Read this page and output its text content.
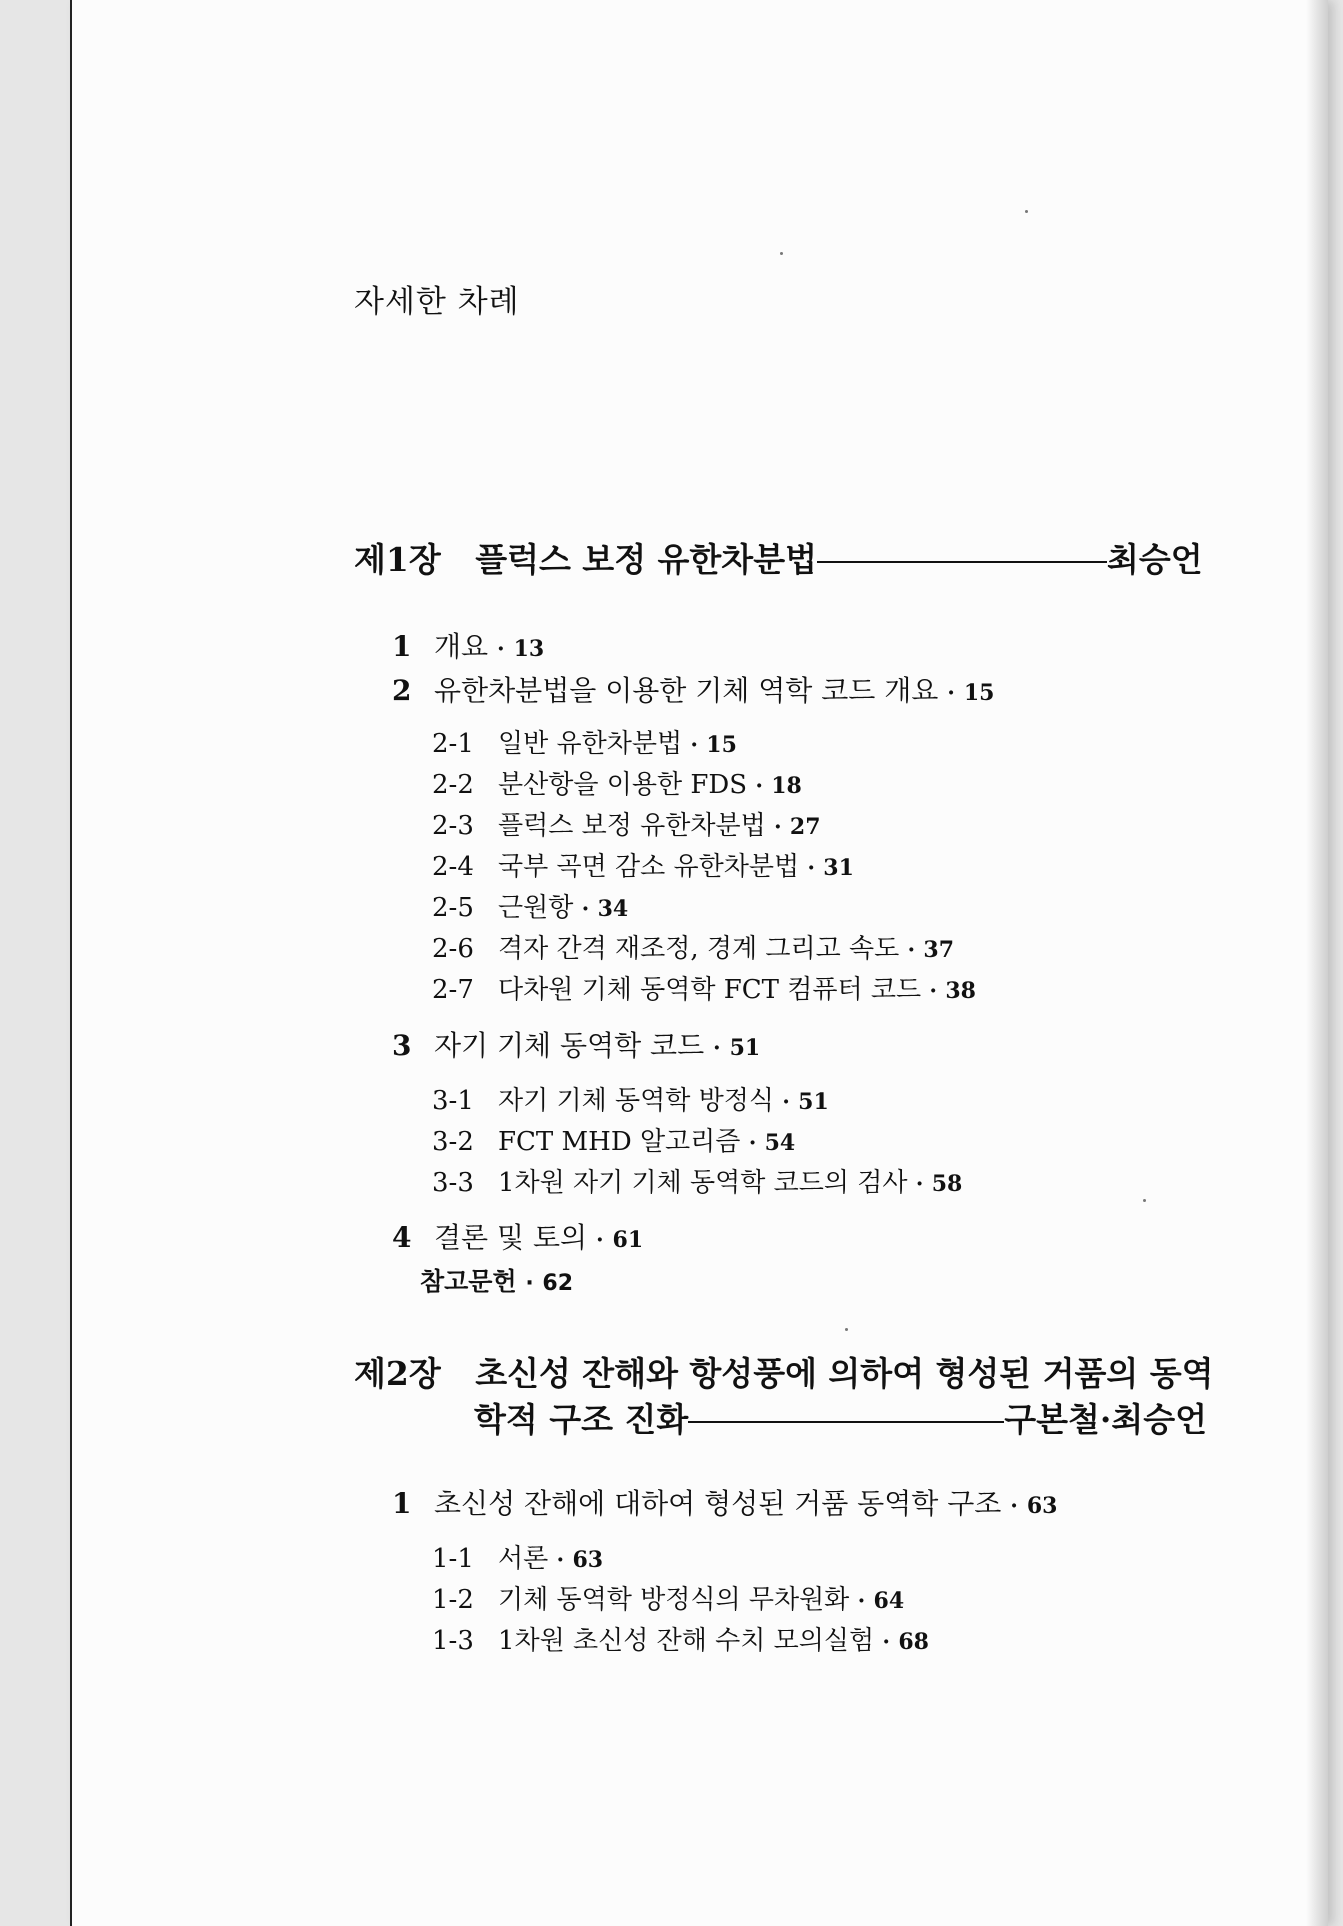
자세한 차례
제1장 플럭스 보정 유한차분법	최승언
1 개요 · 13
2 유한차분법을 이용한 기체 역학 코드 개요 · 15
2-1 일반 유한차분법 · 15
2-2 분산항을 이용한 FDS · 18
2-3 플럭스 보정 유한차분법 · 27
2-4 국부 곡면 감소 유한차분법 · 31
2-5 근원항 · 34
2-6 격자 간격 재조정, 경계 그리고 속도 · 37
2-7 다차원 기체 동역학 FCT 컴퓨터 코드 · 38
3 자기 기체 동역학 코드 · 51
3-1 자기 기체 동역학 방정식 · 51
3-2 FCT MHD 알고리즘 · 54
3-3 1차원 자기 기체 동역학 코드의 검사 · 58
4 결론 및 토의 · 61
참고문헌 · 62
제2장 초신성 잔해와 항성풍에 의하여 형성된 거품의 동역
학적 구조 진화	구본철·최승언
1 초신성 잔해에 대하여 형성된 거품 동역학 구조 · 63
1-1 서론 · 63
1-2 기체 동역학 방정식의 무차원화 · 64
1-3 1차원 초신성 잔해 수치 모의실험 · 68
